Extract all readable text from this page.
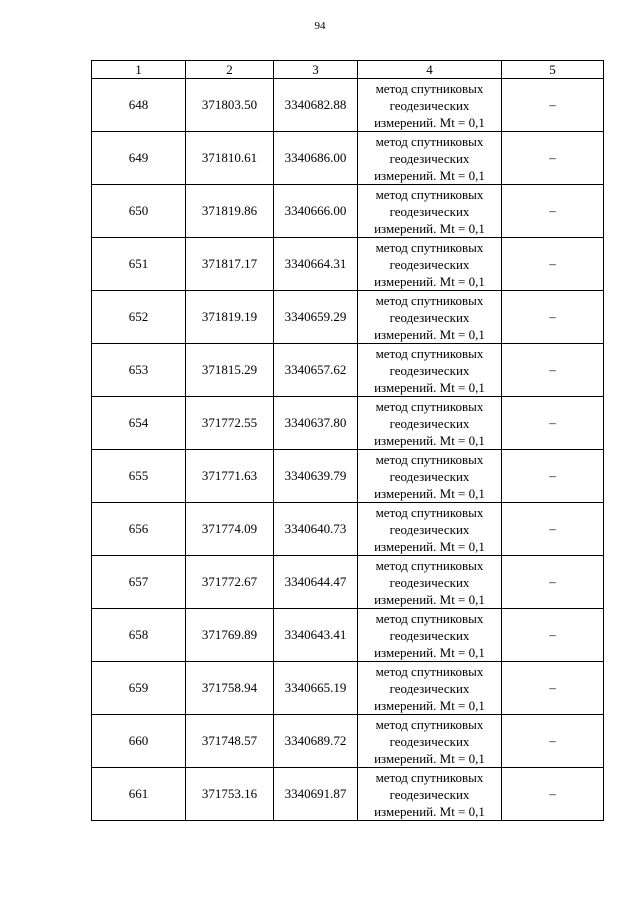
94
1	2	3	4	5
648	371803.50	3340682.88	метод спутниковых
геодезических
измерений. Mt = 0,1	–
649	371810.61	3340686.00	метод спутниковых
геодезических
измерений. Mt = 0,1	–
650	371819.86	3340666.00	метод спутниковых
геодезических
измерений. Mt = 0,1	–
651	371817.17	3340664.31	метод спутниковых
геодезических
измерений. Mt = 0,1	–
652	371819.19	3340659.29	метод спутниковых
геодезических
измерений. Mt = 0,1	–
653	371815.29	3340657.62	метод спутниковых
геодезических
измерений. Mt = 0,1	–
654	371772.55	3340637.80	метод спутниковых
геодезических
измерений. Mt = 0,1	–
655	371771.63	3340639.79	метод спутниковых
геодезических
измерений. Mt = 0,1	–
656	371774.09	3340640.73	метод спутниковых
геодезических
измерений. Mt = 0,1	–
657	371772.67	3340644.47	метод спутниковых
геодезических
измерений. Mt = 0,1	–
658	371769.89	3340643.41	метод спутниковых
геодезических
измерений. Mt = 0,1	–
659	371758.94	3340665.19	метод спутниковых
геодезических
измерений. Mt = 0,1	–
660	371748.57	3340689.72	метод спутниковых
геодезических
измерений. Mt = 0,1	–
661	371753.16	3340691.87	метод спутниковых
геодезических
измерений. Mt = 0,1	–
